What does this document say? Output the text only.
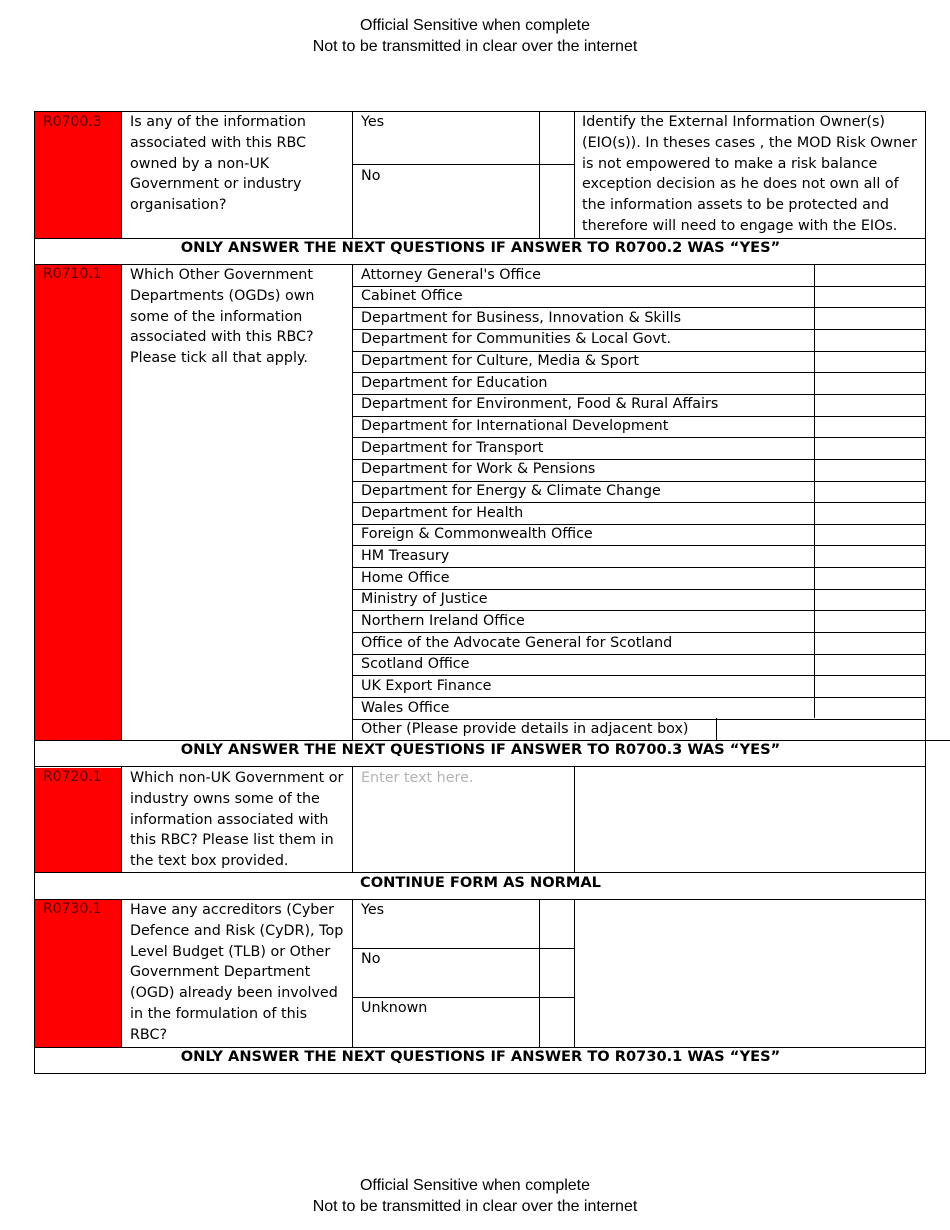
Official Sensitive when complete
Not to be transmitted in clear over the internet
R0700.3 Is any of the information associated with this RBC owned by a non-UK Government or industry organisation?
Yes
No
Identify the External Information Owner(s) (EIO(s)). In theses cases , the MOD Risk Owner is not empowered to make a risk balance exception decision as he does not own all of the information assets to be protected and therefore will need to engage with the EIOs.
ONLY ANSWER THE NEXT QUESTIONS IF ANSWER TO R0700.2 WAS “YES”
R0710.1 Which Other Government Departments (OGDs) own some of the information associated with this RBC? Please tick all that apply.
Attorney General's Office
Cabinet Office
Department for Business, Innovation & Skills
Department for Communities & Local Govt.
Department for Culture, Media & Sport
Department for Education
Department for Environment, Food & Rural Affairs
Department for International Development
Department for Transport
Department for Work & Pensions
Department for Energy & Climate Change
Department for Health
Foreign & Commonwealth Office
HM Treasury
Home Office
Ministry of Justice
Northern Ireland Office
Office of the Advocate General for Scotland
Scotland Office
UK Export Finance
Wales Office
Other (Please provide details in adjacent box)
ONLY ANSWER THE NEXT QUESTIONS IF ANSWER TO R0700.3 WAS “YES”
R0720.1 Which non-UK Government or industry owns some of the information associated with this RBC? Please list them in the text box provided.
Enter text here.
CONTINUE FORM AS NORMAL
R0730.1 Have any accreditors (Cyber Defence and Risk (CyDR), Top Level Budget (TLB) or Other Government Department (OGD) already been involved in the formulation of this RBC?
Yes
No
Unknown
ONLY ANSWER THE NEXT QUESTIONS IF ANSWER TO R0730.1 WAS “YES”
Official Sensitive when complete
Not to be transmitted in clear over the internet
